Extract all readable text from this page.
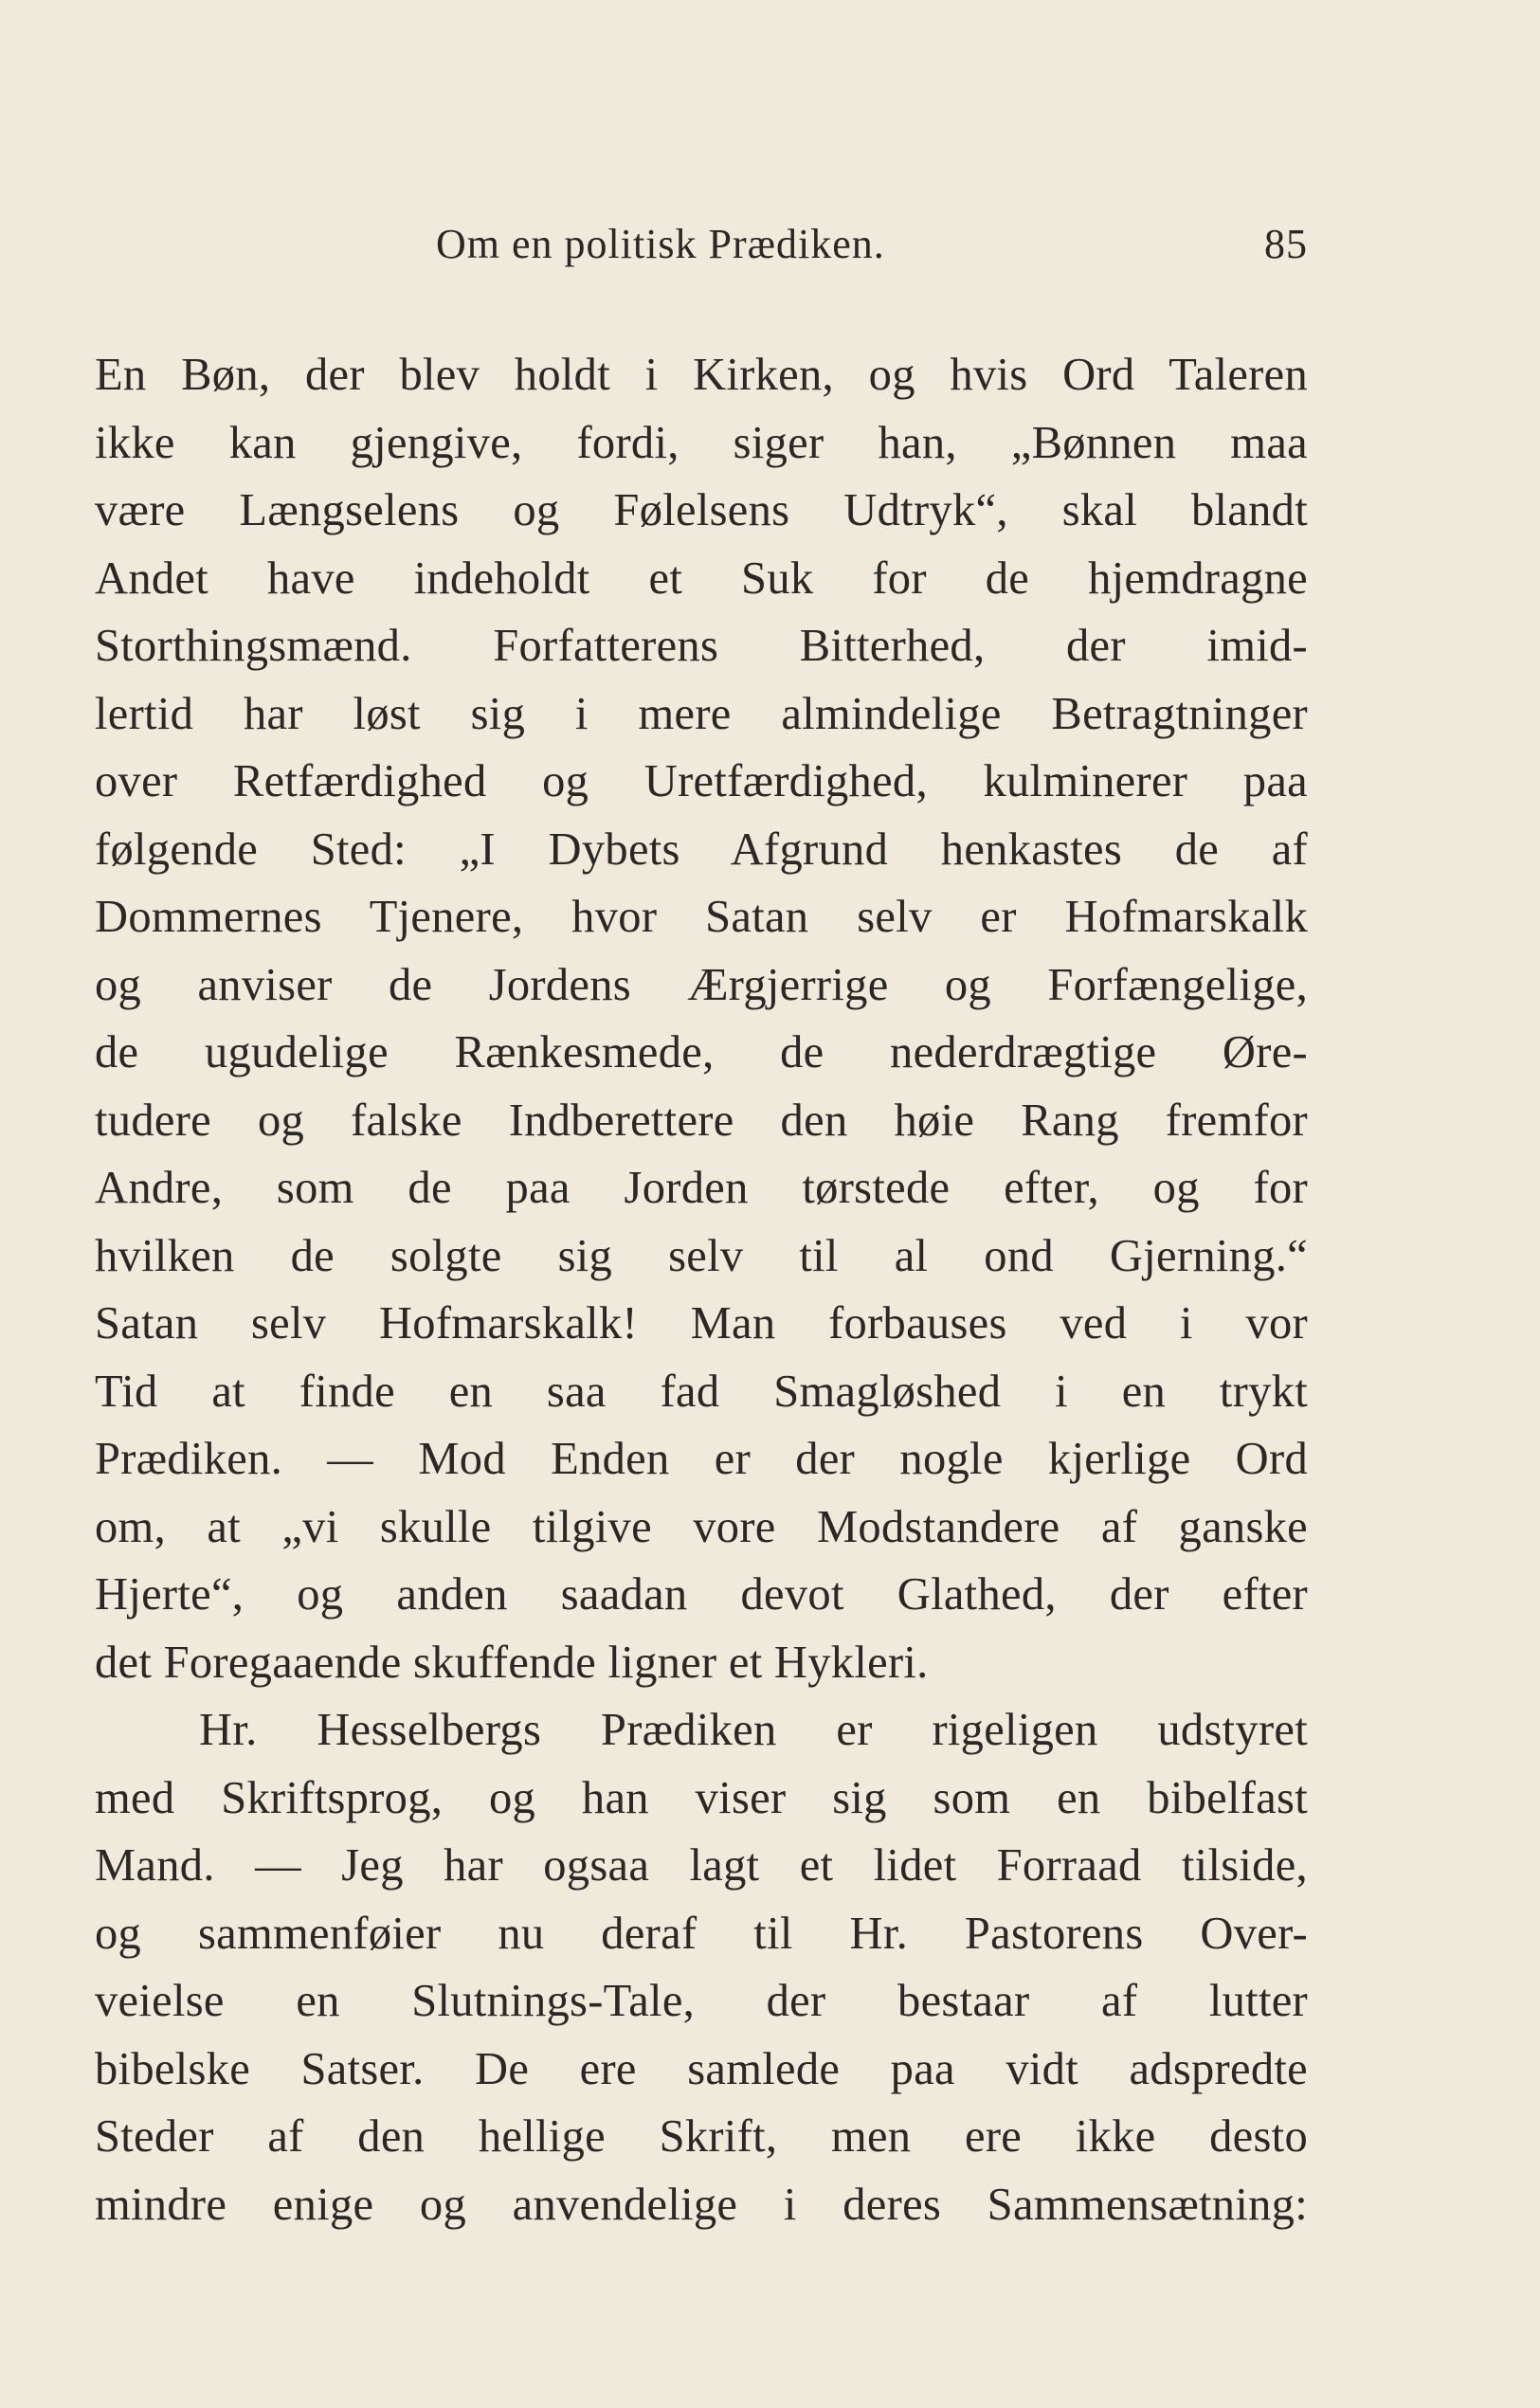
Om en politisk Prædiken.	85
En Bøn, der blev holdt i Kirken, og hvis Ord Taleren
ikke kan gjengive, fordi, siger han, „Bønnen maa
være Længselens og Følelsens Udtryk“, skal blandt
Andet have indeholdt et Suk for de hjemdragne
Storthingsmænd. Forfatterens Bitterhed, der imid-
lertid har løst sig i mere almindelige Betragtninger
over Retfærdighed og Uretfærdighed, kulminerer paa
følgende Sted: „I Dybets Afgrund henkastes de af
Dommernes Tjenere, hvor Satan selv er Hofmarskalk
og anviser de Jordens Ærgjerrige og Forfængelige,
de ugudelige Rænkesmede, de nederdrægtige Øre-
tudere og falske Indberettere den høie Rang fremfor
Andre, som de paa Jorden tørstede efter, og for
hvilken de solgte sig selv til al ond Gjerning.“
Satan selv Hofmarskalk! Man forbauses ved i vor
Tid at finde en saa fad Smagløshed i en trykt
Prædiken. — Mod Enden er der nogle kjerlige Ord
om, at „vi skulle tilgive vore Modstandere af ganske
Hjerte“, og anden saadan devot Glathed, der efter
det Foregaaende skuffende ligner et Hykleri.
Hr. Hesselbergs Prædiken er rigeligen udstyret
med Skriftsprog, og han viser sig som en bibelfast
Mand. — Jeg har ogsaa lagt et lidet Forraad tilside,
og sammenføier nu deraf til Hr. Pastorens Over-
veielse en Slutnings-Tale, der bestaar af lutter
bibelske Satser. De ere samlede paa vidt adspredte
Steder af den hellige Skrift, men ere ikke desto
mindre enige og anvendelige i deres Sammensætning:
